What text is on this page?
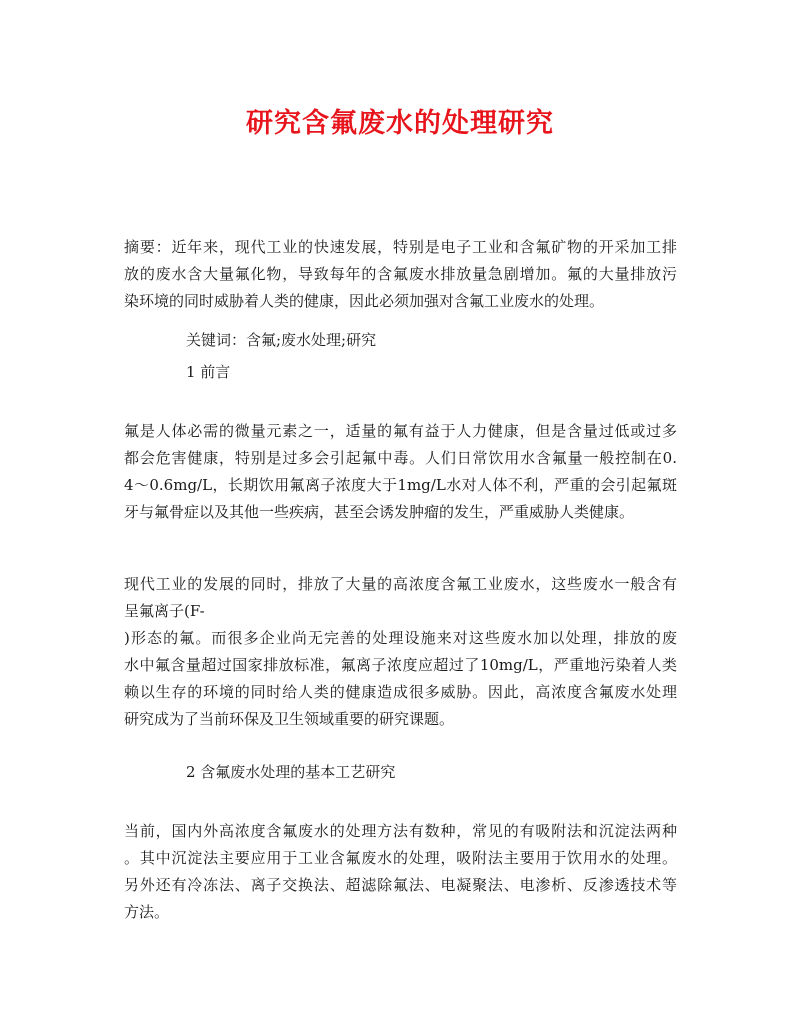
研究含氟废水的处理研究
摘要：近年来，现代工业的快速发展，特别是电子工业和含氟矿物的开采加工排
放的废水含大量氟化物，导致每年的含氟废水排放量急剧增加。氟的大量排放污
染环境的同时威胁着人类的健康，因此必须加强对含氟工业废水的处理。
关键词：含氟;废水处理;研究
1 前言
氟是人体必需的微量元素之一，适量的氟有益于人力健康，但是含量过低或过多
都会危害健康，特别是过多会引起氟中毒。人们日常饮用水含氟量一般控制在0.
4～0.6mg/L，长期饮用氟离子浓度大于1mg/L水对人体不利，严重的会引起氟斑
牙与氟骨症以及其他一些疾病，甚至会诱发肿瘤的发生，严重威胁人类健康。
现代工业的发展的同时，排放了大量的高浓度含氟工业废水，这些废水一般含有
呈氟离子(F-
)形态的氟。而很多企业尚无完善的处理设施来对这些废水加以处理，排放的废
水中氟含量超过国家排放标准，氟离子浓度应超过了10mg/L，严重地污染着人类
赖以生存的环境的同时给人类的健康造成很多威胁。因此，高浓度含氟废水处理
研究成为了当前环保及卫生领域重要的研究课题。
2 含氟废水处理的基本工艺研究
当前，国内外高浓度含氟废水的处理方法有数种，常见的有吸附法和沉淀法两种
。其中沉淀法主要应用于工业含氟废水的处理，吸附法主要用于饮用水的处理。
另外还有冷冻法、离子交换法、超滤除氟法、电凝聚法、电渗析、反渗透技术等
方法。
